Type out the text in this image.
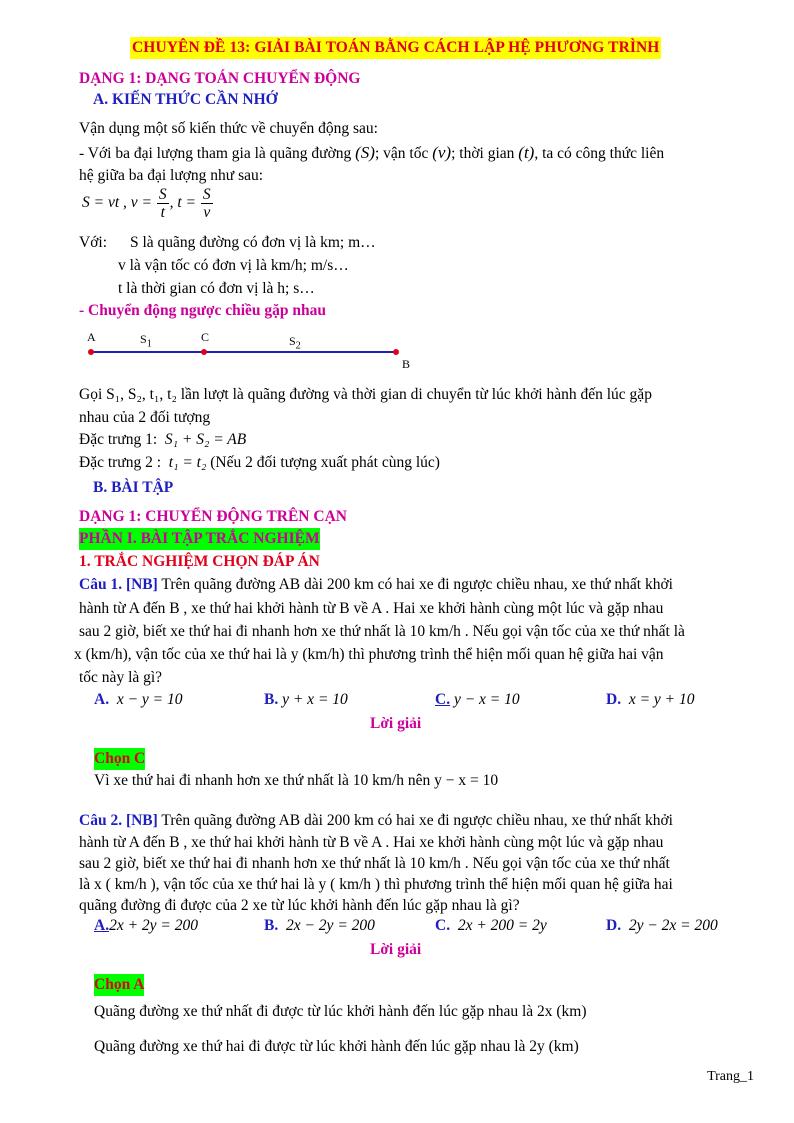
CHUYÊN ĐỀ 13: GIẢI BÀI TOÁN BẰNG CÁCH LẬP HỆ PHƯƠNG TRÌNH
DẠNG 1: DẠNG TOÁN CHUYỂN ĐỘNG
A. KIẾN THỨC CẦN NHỚ
Vận dụng một số kiến thức về chuyển động sau:
- Với ba đại lượng tham gia là quãng đường (S); vận tốc (v); thời gian (t), ta có công thức liên
hệ giữa ba đại lượng như sau:
S = vt , $v = \frac{S}{t}$ , $t = \frac{S}{v}$
Với: S là quãng đường có đơn vị là km; m…
v là vận tốc có đơn vị là km/h; m/s…
t là thời gian có đơn vị là h; s…
- Chuyển động ngược chiều gặp nhau
A	$S_1$	C	$S_2$
B
Gọi S₁, S₂, t₁, t₂ lần lượt là quãng đường và thời gian di chuyển từ lúc khởi hành đến lúc gặp
nhau của 2 đối tượng
Đặc trưng 1: S₁ + S₂ = AB
Đặc trưng 2 : t₁ = t₂ (Nếu 2 đối tượng xuất phát cùng lúc)
B. BÀI TẬP
DẠNG 1: CHUYỂN ĐỘNG TRÊN CẠN
PHẦN I. BÀI TẬP TRẮC NGHIỆM
1. TRẮC NGHIỆM CHỌN ĐÁP ÁN
Câu 1. [NB] Trên quãng đường AB dài 200 km có hai xe đi ngược chiều nhau, xe thứ nhất khởi
hành từ A đến B , xe thứ hai khởi hành từ B về A . Hai xe khởi hành cùng một lúc và gặp nhau
sau 2 giờ, biết xe thứ hai đi nhanh hơn xe thứ nhất là 10 km/h . Nếu gọi vận tốc của xe thứ nhất là
x (km/h), vận tốc của xe thứ hai là y (km/h) thì phương trình thể hiện mối quan hệ giữa hai vận
tốc này là gì?
A. x − y = 10	B. y + x = 10	C. y − x = 10	D. x = y + 10
Lời giải
Chọn C
Vì xe thứ hai đi nhanh hơn xe thứ nhất là 10 km/h nên y − x = 10
Câu 2. [NB] Trên quãng đường AB dài 200 km có hai xe đi ngược chiều nhau, xe thứ nhất khởi
hành từ A đến B , xe thứ hai khởi hành từ B về A . Hai xe khởi hành cùng một lúc và gặp nhau
sau 2 giờ, biết xe thứ hai đi nhanh hơn xe thứ nhất là 10 km/h . Nếu gọi vận tốc của xe thứ nhất
là x ( km/h ), vận tốc của xe thứ hai là y ( km/h ) thì phương trình thể hiện mối quan hệ giữa hai
quãng đường đi được của 2 xe từ lúc khởi hành đến lúc gặp nhau là gì?
A.2x + 2y = 200	B. 2x − 2y = 200	C. 2x + 200 = 2y	D. 2y − 2x = 200
Lời giải
Chọn A
Quãng đường xe thứ nhất đi được từ lúc khởi hành đến lúc gặp nhau là 2x (km)
Quãng đường xe thứ hai đi được từ lúc khởi hành đến lúc gặp nhau là 2y (km)
Trang_1
